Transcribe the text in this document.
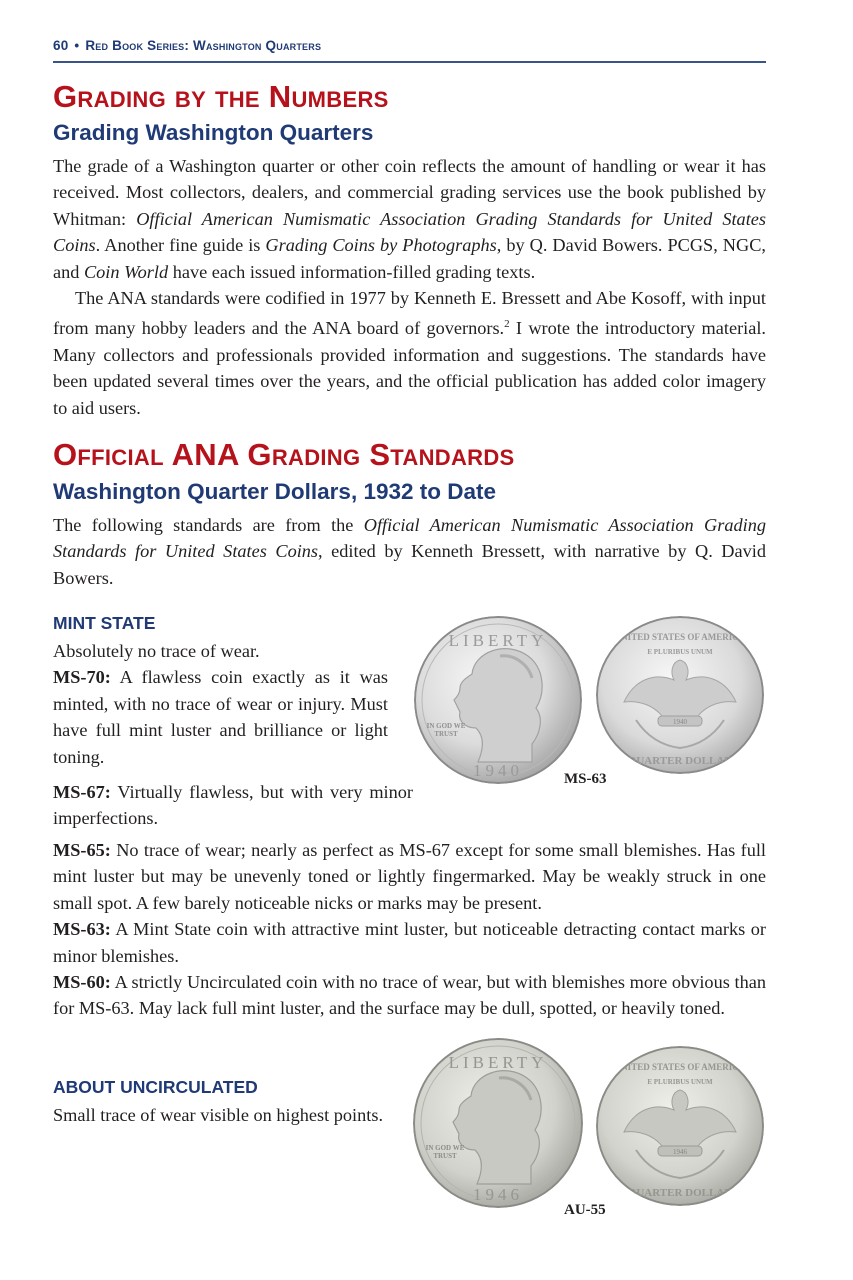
60 • Red Book Series: Washington Quarters
Grading by the Numbers
Grading Washington Quarters

The grade of a Washington quarter or other coin reflects the amount of handling or wear it has received. Most collectors, dealers, and commercial grading services use the book published by Whitman: Official American Numismatic Association Grading Standards for United States Coins. Another fine guide is Grading Coins by Photographs, by Q. David Bowers. PCGS, NGC, and Coin World have each issued information-filled grading texts.

The ANA standards were codified in 1977 by Kenneth E. Bressett and Abe Kosoff, with input from many hobby leaders and the ANA board of governors.$^2$ I wrote the introductory material. Many collectors and professionals provided information and suggestions. The standards have been updated several times over the years, and the official publication has added color imagery to aid users.

Official ANA Grading Standards
Washington Quarter Dollars, 1932 to Date

The following standards are from the Official American Numismatic Association Grading Standards for United States Coins, edited by Kenneth Bressett, with narrative by Q. David Bowers.

MINT STATE

Absolutely no trace of wear.

MS-70: A flawless coin exactly as it was minted, with no trace of wear or injury. Must have full mint luster and brilliance or light toning.

MS-67: Virtually flawless, but with very minor imperfections.

MS-65: No trace of wear; nearly as perfect as MS-67 except for some small blemishes. Has full mint luster but may be unevenly toned or lightly fingermarked. May be weakly struck in one small spot. A few barely noticeable nicks or marks may be present.

MS-63: A Mint State coin with attractive mint luster, but noticeable detracting contact marks or minor blemishes.

MS-60: A strictly Uncirculated coin with no trace of wear, but with blemishes more obvious than for MS-63. May lack full mint luster, and the surface may be dull, spotted, or heavily toned.

LIBERTY
IN GOD WE
TRUST
1940
UNITED STATES OF AMERICA
E PLURIBUS UNUM
1940
QUARTER DOLLAR
MS-63
ABOUT UNCIRCULATED

Small trace of wear visible on highest points.

LIBERTY
IN GOD WE
TRUST
1946
UNITED STATES OF AMERICA
E PLURIBUS UNUM
1946
QUARTER DOLLAR
AU-55
